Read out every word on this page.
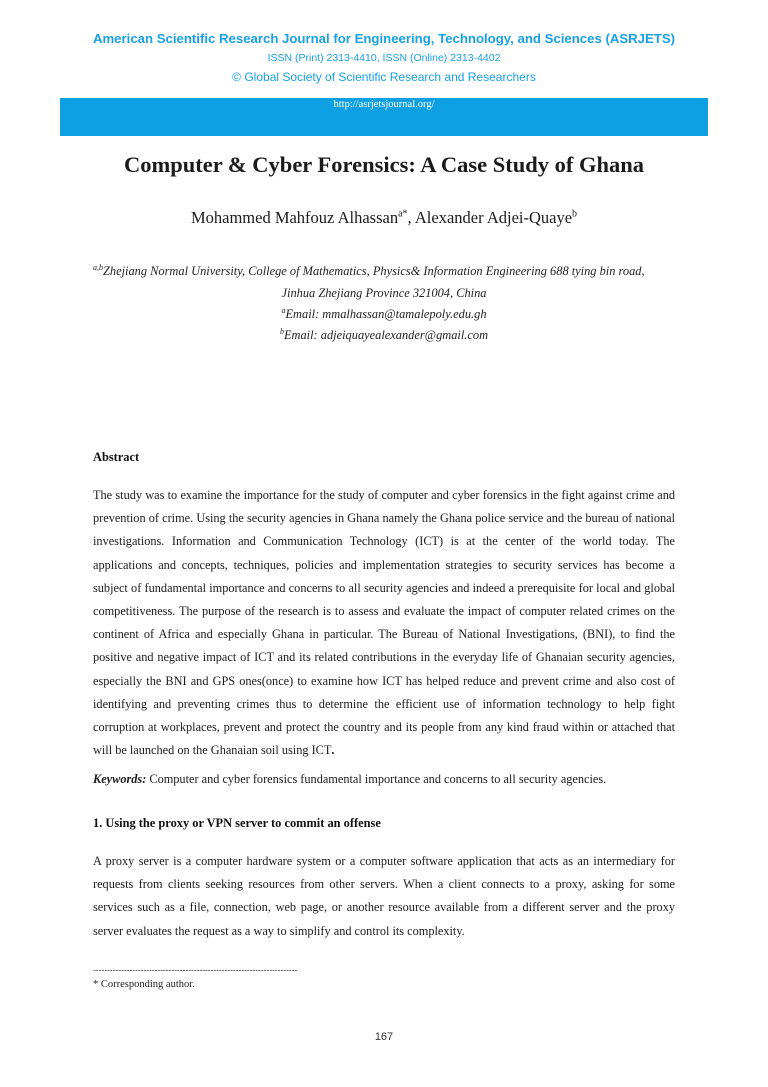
American Scientific Research Journal for Engineering, Technology, and Sciences (ASRJETS)
ISSN (Print) 2313-4410, ISSN (Online) 2313-4402
© Global Society of Scientific Research and Researchers
http://asrjetsjournal.org/
Computer & Cyber Forensics: A Case Study of Ghana
Mohammed Mahfouz Alhassan$^{a*}$, Alexander Adjei-Quaye$^b$
$^{a,b}$Zhejiang Normal University, College of Mathematics, Physics& Information Engineering 688 tying bin road,
Jinhua Zhejiang Province 321004, China
$^a$Email: mmalhassan@tamalepoly.edu.gh
$^b$Email: adjeiquayealexander@gmail.com
Abstract
The study was to examine the importance for the study of computer and cyber forensics in the fight against crime and prevention of crime. Using the security agencies in Ghana namely the Ghana police service and the bureau of national investigations. Information and Communication Technology (ICT) is at the center of the world today. The applications and concepts, techniques, policies and implementation strategies to security services has become a subject of fundamental importance and concerns to all security agencies and indeed a prerequisite for local and global competitiveness. The purpose of the research is to assess and evaluate the impact of computer related crimes on the continent of Africa and especially Ghana in particular. The Bureau of National Investigations, (BNI), to find the positive and negative impact of ICT and its related contributions in the everyday life of Ghanaian security agencies, especially the BNI and GPS ones(once) to examine how ICT has helped reduce and prevent crime and also cost of identifying and preventing crimes thus to determine the efficient use of information technology to help fight corruption at workplaces, prevent and protect the country and its people from any kind fraud within or attached that will be launched on the Ghanaian soil using ICT.
Keywords: Computer and cyber forensics fundamental importance and concerns to all security agencies.
1. Using the proxy or VPN server to commit an offense
A proxy server is a computer hardware system or a computer software application that acts as an intermediary for requests from clients seeking resources from other servers. When a client connects to a proxy, asking for some services such as a file, connection, web page, or another resource available from a different server and the proxy server evaluates the request as a way to simplify and control its complexity.
-------------------------------------------------------------------------
* Corresponding author.
167
